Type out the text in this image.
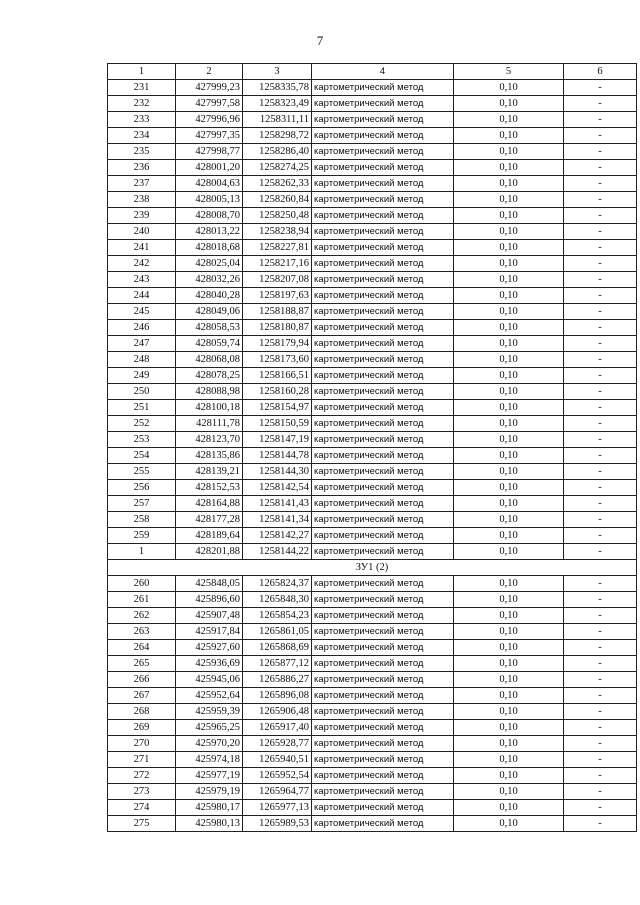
7
1	2	3	4	5	6
231	427999,23	1258335,78	картометрический метод	0,10	-
232	427997,58	1258323,49	картометрический метод	0,10	-
233	427996,96	1258311,11	картометрический метод	0,10	-
234	427997,35	1258298,72	картометрический метод	0,10	-
235	427998,77	1258286,40	картометрический метод	0,10	-
236	428001,20	1258274,25	картометрический метод	0,10	-
237	428004,63	1258262,33	картометрический метод	0,10	-
238	428005,13	1258260,84	картометрический метод	0,10	-
239	428008,70	1258250,48	картометрический метод	0,10	-
240	428013,22	1258238,94	картометрический метод	0,10	-
241	428018,68	1258227,81	картометрический метод	0,10	-
242	428025,04	1258217,16	картометрический метод	0,10	-
243	428032,26	1258207,08	картометрический метод	0,10	-
244	428040,28	1258197,63	картометрический метод	0,10	-
245	428049,06	1258188,87	картометрический метод	0,10	-
246	428058,53	1258180,87	картометрический метод	0,10	-
247	428059,74	1258179,94	картометрический метод	0,10	-
248	428068,08	1258173,60	картометрический метод	0,10	-
249	428078,25	1258166,51	картометрический метод	0,10	-
250	428088,98	1258160,28	картометрический метод	0,10	-
251	428100,18	1258154,97	картометрический метод	0,10	-
252	428111,78	1258150,59	картометрический метод	0,10	-
253	428123,70	1258147,19	картометрический метод	0,10	-
254	428135,86	1258144,78	картометрический метод	0,10	-
255	428139,21	1258144,30	картометрический метод	0,10	-
256	428152,53	1258142,54	картометрический метод	0,10	-
257	428164,88	1258141,43	картометрический метод	0,10	-
258	428177,28	1258141,34	картометрический метод	0,10	-
259	428189,64	1258142,27	картометрический метод	0,10	-
1	428201,88	1258144,22	картометрический метод	0,10	-
ЗУ1 (2)					
260	425848,05	1265824,37	картометрический метод	0,10	-
261	425896,60	1265848,30	картометрический метод	0,10	-
262	425907,48	1265854,23	картометрический метод	0,10	-
263	425917,84	1265861,05	картометрический метод	0,10	-
264	425927,60	1265868,69	картометрический метод	0,10	-
265	425936,69	1265877,12	картометрический метод	0,10	-
266	425945,06	1265886,27	картометрический метод	0,10	-
267	425952,64	1265896,08	картометрический метод	0,10	-
268	425959,39	1265906,48	картометрический метод	0,10	-
269	425965,25	1265917,40	картометрический метод	0,10	-
270	425970,20	1265928,77	картометрический метод	0,10	-
271	425974,18	1265940,51	картометрический метод	0,10	-
272	425977,19	1265952,54	картометрический метод	0,10	-
273	425979,19	1265964,77	картометрический метод	0,10	-
274	425980,17	1265977,13	картометрический метод	0,10	-
275	425980,13	1265989,53	картометрический метод	0,10	-
